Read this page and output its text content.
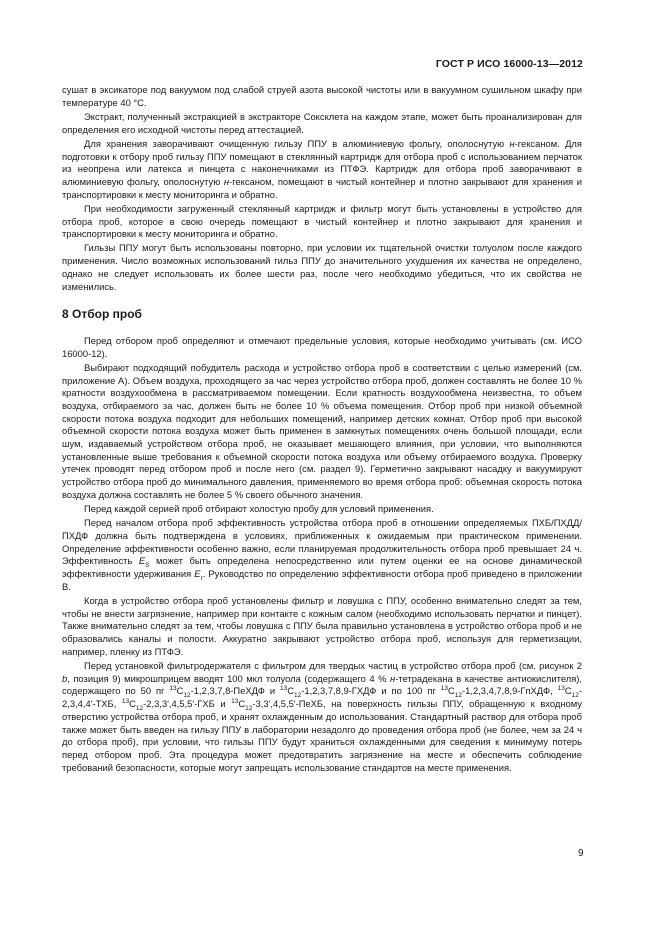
ГОСТ Р ИСО 16000-13—2012

сушат в эксикаторе под вакуумом под слабой струей азота высокой чистоты или в вакуумном сушильном шкафу при температуре 40 °С.

Экстракт, полученный экстракцией в экстракторе Соксклета на каждом этапе, может быть проанализирован для определения его исходной чистоты перед аттестацией.

Для хранения заворачивают очищенную гильзу ППУ в алюминиевую фольгу, ополоснутую н-гексаном. Для подготовки к отбору проб гильзу ППУ помещают в стеклянный картридж для отбора проб с использованием перчаток из неопрена или латекса и пинцета с наконечниками из ПТФЭ. Картридж для отбора проб заворачивают в алюминиевую фольгу, ополоснутую н-гексаном, помещают в чистый контейнер и плотно закрывают для хранения и транспортировки к месту мониторинга и обратно.

При необходимости загруженный стеклянный картридж и фильтр могут быть установлены в устройство для отбора проб, которое в свою очередь помещают в чистый контейнер и плотно закрывают для хранения и транспортировки к месту мониторинга и обратно.

Гильзы ППУ могут быть использованы повторно, при условии их тщательной очистки толуолом после каждого применения. Число возможных использований гильз ППУ до значительного ухудшения их качества не определено, однако не следует использовать их более шести раз, после чего необходимо убедиться, что их свойства не изменились.

8 Отбор проб

Перед отбором проб определяют и отмечают предельные условия, которые необходимо учитывать (см. ИСО 16000-12).

Выбирают подходящий побудитель расхода и устройство отбора проб в соответствии с целью измерений (см. приложение А). Объем воздуха, проходящего за час через устройство отбора проб, должен составлять не более 10 % кратности воздухообмена в рассматриваемом помещении. Если кратность воздухообмена неизвестна, то объем воздуха, отбираемого за час, должен быть не более 10 % объема помещения. Отбор проб при низкой объемной скорости потока воздуха подходит для небольших помещений, например детских комнат. Отбор проб при высокой объемной скорости потока воздуха может быть применен в замкнутых помещениях очень большой площади, если шум, издаваемый устройством отбора проб, не оказывает мешающего влияния, при условии, что выполняются установленные выше требования к объемной скорости потока воздуха или объему отбираемого воздуха. Проверку утечек проводят перед отбором проб и после него (см. раздел 9). Герметично закрывают насадку и вакуумируют устройство отбора проб до минимального давления, применяемого во время отбора проб: объемная скорость потока воздуха должна составлять не более 5 % своего обычного значения.

Перед каждой серией проб отбирают холостую пробу для условий применения.

Перед началом отбора проб эффективность устройства отбора проб в отношении определяемых ПХБ/ПХДД/ПХДФ должна быть подтверждена в условиях, приближенных к ожидаемым при практическом применении. Определение эффективности особенно важно, если планируемая продолжительность отбора проб превышает 24 ч. Эффективность $E_S$ может быть определена непосредственно или путем оценки ее на основе динамической эффективности удерживания $E_r$. Руководство по определению эффективности отбора проб приведено в приложении В.

Когда в устройство отбора проб установлены фильтр и ловушка с ППУ, особенно внимательно следят за тем, чтобы не внести загрязнение, например при контакте с кожным салом (необходимо использовать перчатки и пинцет). Также внимательно следят за тем, чтобы ловушка с ППУ была правильно установлена в устройство отбора проб и не образовались каналы и полости. Аккуратно закрывают устройство отбора проб, используя для герметизации, например, пленку из ПТФЭ.

Перед установкой фильтродержателя с фильтром для твердых частиц в устройство отбора проб (см. рисунок 2 b, позиция 9) микрошприцем вводят 100 мкл толуола (содержащего 4 % н-тетрадекана в качестве антиокислителя), содержащего по 50 пг $^{13}С_{12}-1,2,3,7,8$-ПеХДФ и $^{13}С_{12}-1,2,3,7,8,9$-ГХДФ и по 100 пг $^{13}С_{12}-1,2,3,4,7,8,9$-ГпХДФ, $^{13}С_{12}-2,3,4,4'$-ТХБ, $^{13}С_{12}-2,3,3',4,5,5'$-ГХБ и $^{13}С_{12}-3,3',4,5,5'$-ПеХБ, на поверхность гильзы ППУ, обращенную к входному отверстию устройства отбора проб, и хранят охлажденным до использования. Стандартный раствор для отбора проб также может быть введен на гильзу ППУ в лаборатории незадолго до проведения отбора проб (не более, чем за 24 ч до отбора проб), при условии, что гильзы ППУ будут храниться охлажденными для сведения к минимуму потерь перед отбором проб. Эта процедура может предотвратить загрязнение на месте и обеспечить соблюдение требований безопасности, которые могут запрещать использование стандартов на месте применения.

9
